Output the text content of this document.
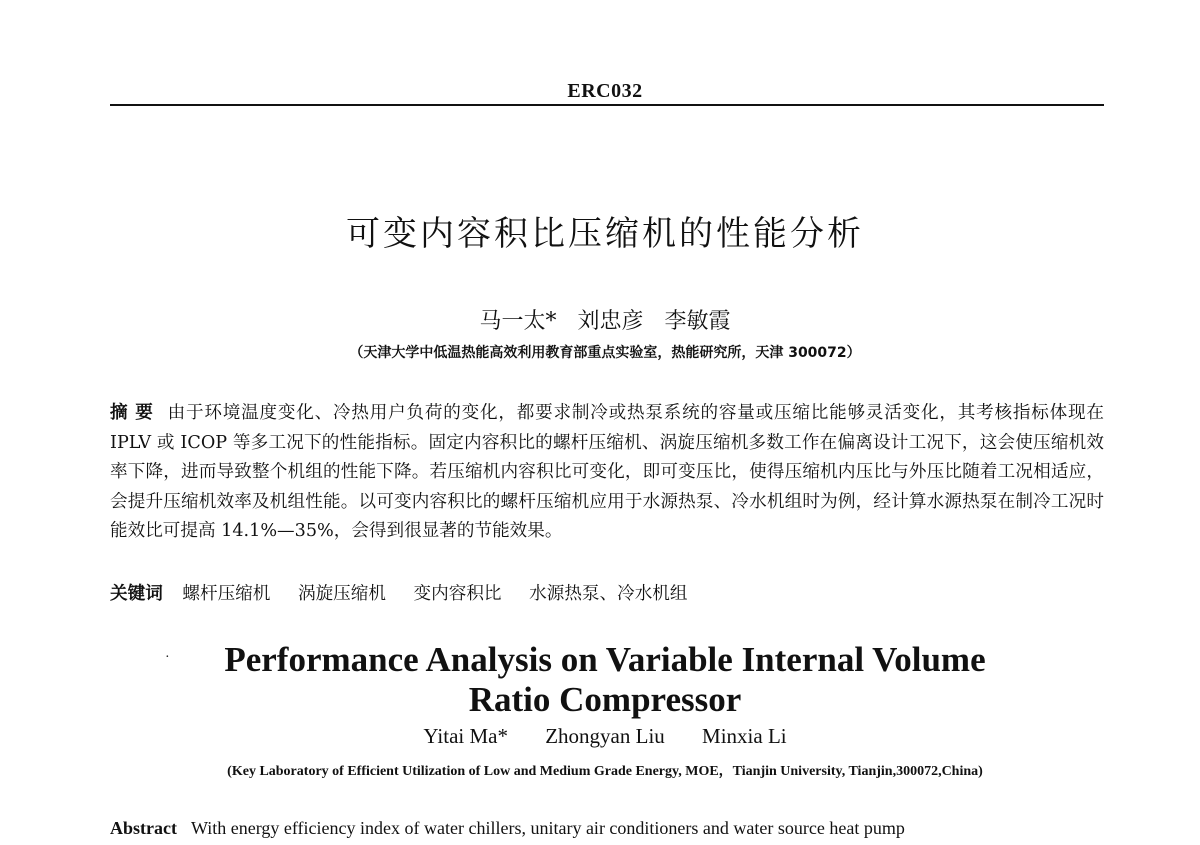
ERC032
可变内容积比压缩机的性能分析
马一太* 刘忠彦 李敏霞
（天津大学中低温热能高效利用教育部重点实验室，热能研究所，天津 300072）
摘 要 由于环境温度变化、冷热用户负荷的变化，都要求制冷或热泵系统的容量或压缩比能够灵活变化，其考核指标体现在 IPLV 或 ICOP 等多工况下的性能指标。固定内容积比的螺杆压缩机、涡旋压缩机多数工作在偏离设计工况下，这会使压缩机效率下降，进而导致整个机组的性能下降。若压缩机内容积比可变化，即可变压比，使得压缩机内压比与外压比随着工况相适应，会提升压缩机效率及机组性能。以可变内容积比的螺杆压缩机应用于水源热泵、冷水机组时为例，经计算水源热泵在制冷工况时能效比可提高 14.1%—35%，会得到很显著的节能效果。
关键词 螺杆压缩机 涡旋压缩机 变内容积比 水源热泵、冷水机组
·	Performance Analysis on Variable Internal Volume
Ratio Compressor
Yitai Ma* Zhongyan Liu Minxia Li
(Key Laboratory of Efficient Utilization of Low and Medium Grade Energy, MOE，Tianjin University, Tianjin,300072,China)
Abstract With energy efficiency index of water chillers, unitary air conditioners and water source heat pump
